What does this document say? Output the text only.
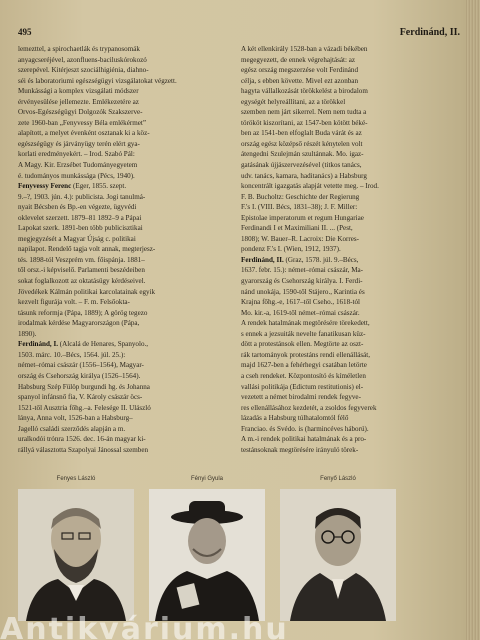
495	Ferdinánd, II.
lemezttel, a spirochaetlák és trypanosomák
anyagcseréjével, azonfluens-baciluskórokozó
szerepével. Kitérjeszt szociálhigiénia, diahno-
séi és laboratoriumi egészségügyi vizsgálatokat végzett.
Munkássági a komplex vizsgálati módszer
érvényesülése jellemezte. Emlékezetére az
Orvos-Egészségügyi Dolgozók Szakszerve-
zete 1960-ban „Fenyvessy Béla emlékérmet”
alapított, a melyet évenként osztanak ki a köz-
egészségügy és járványügy terén elért gya-
korlati eredményekért. – Irod. Szabó Pál:
A Magy. Kir. Erzsébet Tudományegyetem
é. tudományos munkássága (Pécs, 1940).
Fenyvessy Ferenc (Eger, 1855. szept.
9.–?, 1903. jún. 4.): publicista. Jogi tanulmá-
nyait Bécsben és Bp.-en végezte, ügyvédi
oklevelet szerzett. 1879–81 1892–9 a Pápai
Lapokat szerk. 1891-ben több publicisztikai
megjegyzését a Magyar Újság c. politikai
napilapot. Rendelő tagja volt annak, megterjesz-
tés. 1898-tól Veszprém vm. főispánja. 1881–
től orsz.-i képviselő. Parlamenti beszédeiben
sokat foglalkozott az oktatásügy kérdéseivel.
Jövedékek Kálmán politikai karcolatainak egyik
kezvelt figurája volt. – F. m. Felsőokta-
tásunk reformja (Pápa, 1889); A görög tegezo
irodalmak kérdése Magyarországon (Pápa,
1890).
Ferdinánd, I. (Alcalá de Henares, Spanyolo.,
1503. márc. 10.–Bécs, 1564. júl. 25.):
német–római császár (1556–1564), Magyar-
ország és Csehország királya (1526–1564).
Habsburg Szép Fülöp burgundi hg. és Johanna
spanyol infánsnő fia, V. Károly császár öcs-
1521-től Ausztria főhg.–a. Felesége II. Ulászló
lánya, Anna volt, 1526-ban a Habsburg–
Jagelló családi szerződés alapján a m.
uralkodói trónra 1526. dec. 16-án magyar ki-
rállyá választotta Szapolyai Jánossal szemben
A két ellenkirály 1528-ban a vázadi békében
megegyezett, de ennek végrehajtását: az
egész ország megszerzése volt Ferdinánd
célja, s ebben követte. Mivel ezt azonban
hagyta vállalkozását törökkelést a birodalom
egységét helyreállítani, az a törökkel
szemben nem járt sikerrel. Nem nem tudta a
törököt kiszorítani, az 1547-ben kötött béké-
ben az 1541-ben elfoglalt Buda várát és az
ország egész középső részét kénytelen volt
átengedni Szulejmán szultánnak. Mo. igaz-
gatásának újjászervezésével (titkos tanács,
udv. tanács, kamara, haditanács) a Habsburg
koncentrált igazgatás alapját vetette meg. – Irod.
F. B. Bucholtz: Geschichte der Regierung
F.'s I. (VIII. Bécs, 1831–38); J. F. Miller:
Epistolae imperatorum et regum Hungariae
Ferdinandi I et Maximiliani II. ... (Pest,
1808); W. Bauer–R. Lacroix: Die Korres-
pondenz F.'s I. (Wien, 1912, 1937).
Ferdinánd, II. (Graz, 1578. júl. 9.–Bécs,
1637. febr. 15.): német–római császár, Ma-
gyarország és Csehország királya. I. Ferdi-
nánd unokája, 1590-től Stájero., Karintia és
Krajna főhg.-e, 1617–től Cseho., 1618-tól
Mo. kir.-a, 1619-től német–római császár.
A rendek hatalmának megtörésére törekedett,
s ennek a jezsuiták nevelte fanatikusan küz-
dött a protestánsok ellen. Megtörte az oszt-
rák tartományok protestáns rendi ellenállását,
majd 1627-ben a fehérhegyi csatában letörte
a cseh rendeket. Központosító és kíméletlen
vallási politikája (Edictum restitutionis) el-
vezetett a német birodalmi rendek fegyve-
res ellenállásához kezdetét, a zsoldos fegyverek
lázadás a Habsburg túlhatalomtól félő
Franciao. és Svédo. is (harmincéves háború).
A m.-i rendek politikai hatalmának és a pro-
testánsoknak megtörésére irányuló törek-
Fenyes László	Fényi Gyula	Fenyő László
Antikvárium.hu
